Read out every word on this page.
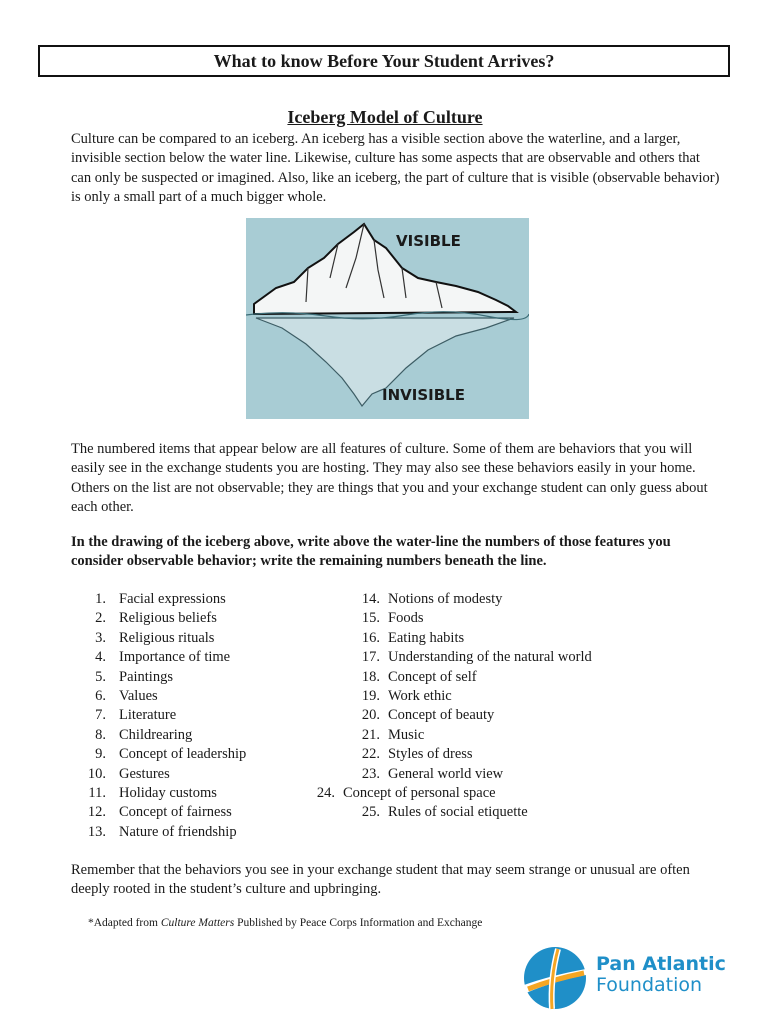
What to know Before Your Student Arrives?
Iceberg Model of Culture
Culture can be compared to an iceberg. An iceberg has a visible section above the waterline, and a larger, invisible section below the water line. Likewise, culture has some aspects that are observable and others that can only be suspected or imagined. Also, like an iceberg, the part of culture that is visible (observable behavior) is only a small part of a much bigger whole.
VISIBLE
INVISIBLE
The numbered items that appear below are all features of culture. Some of them are behaviors that you will easily see in the exchange students you are hosting. They may also see these behaviors easily in your home. Others on the list are not observable; they are things that you and your exchange student can only guess about each other.
In the drawing of the iceberg above, write above the water-line the numbers of those features you consider observable behavior; write the remaining numbers beneath the line.
1. Facial expressions
2. Religious beliefs
3. Religious rituals
4. Importance of time
5. Paintings
6. Values
7. Literature
8. Childrearing
9. Concept of leadership
10. Gestures
11. Holiday customs
12. Concept of fairness
13. Nature of friendship
14. Notions of modesty
15. Foods
16. Eating habits
17. Understanding of the natural world
18. Concept of self
19. Work ethic
20. Concept of beauty
21. Music
22. Styles of dress
23. General world view
24. Concept of personal space
25. Rules of social etiquette
Remember that the behaviors you see in your exchange student that may seem strange or unusual are often deeply rooted in the student’s culture and upbringing.
*Adapted from Culture Matters Published by Peace Corps Information and Exchange
Pan Atlantic
Foundation
